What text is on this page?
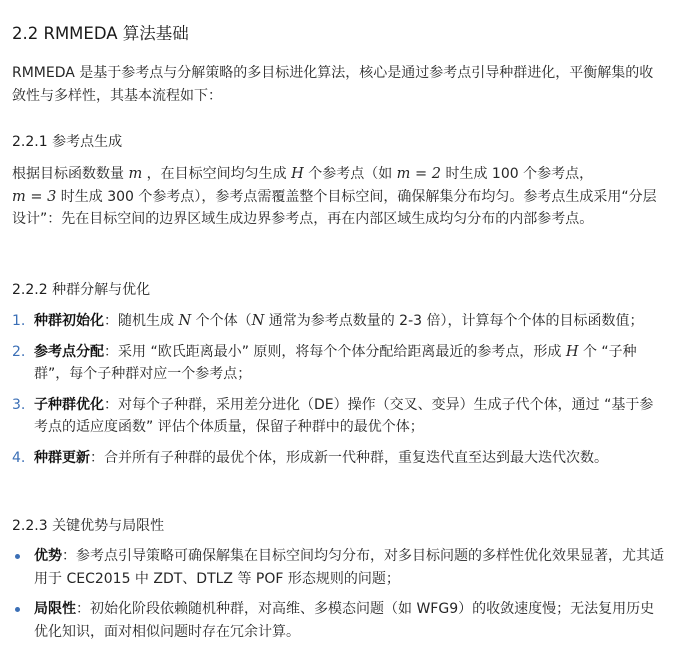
2.2 RMMEDA 算法基础

RMMEDA 是基于参考点与分解策略的多目标进化算法，核心是通过参考点引导种群进化，平衡解集的收敛性与多样性，其基本流程如下：

2.2.1 参考点生成

根据目标函数数量 m ，在目标空间均匀生成 H 个参考点（如 m = 2 时生成 100 个参考点，
m = 3 时生成 300 个参考点），参考点需覆盖整个目标空间，确保解集分布均匀。参考点生成采用“分层设计”：先在目标空间的边界区域生成边界参考点，再在内部区域生成均匀分布的内部参考点。

2.2.2 种群分解与优化
1. 种群初始化：随机生成 N 个个体（N 通常为参考点数量的 2-3 倍），计算每个个体的目标函数值；
2. 参考点分配：采用 “欧氏距离最小” 原则，将每个个体分配给距离最近的参考点，形成 H 个 “子种群”，每个子种群对应一个参考点；
3. 子种群优化：对每个子种群，采用差分进化（DE）操作（交叉、变异）生成子代个体，通过 “基于参考点的适应度函数” 评估个体质量，保留子种群中的最优个体；
4. 种群更新：合并所有子种群的最优个体，形成新一代种群，重复迭代直至达到最大迭代次数。
2.2.3 关键优势与局限性
优势：参考点引导策略可确保解集在目标空间均匀分布，对多目标问题的多样性优化效果显著，尤其适用于 CEC2015 中 ZDT、DTLZ 等 POF 形态规则的问题；
局限性：初始化阶段依赖随机种群，对高维、多模态问题（如 WFG9）的收敛速度慢；无法复用历史优化知识，面对相似问题时存在冗余计算。
